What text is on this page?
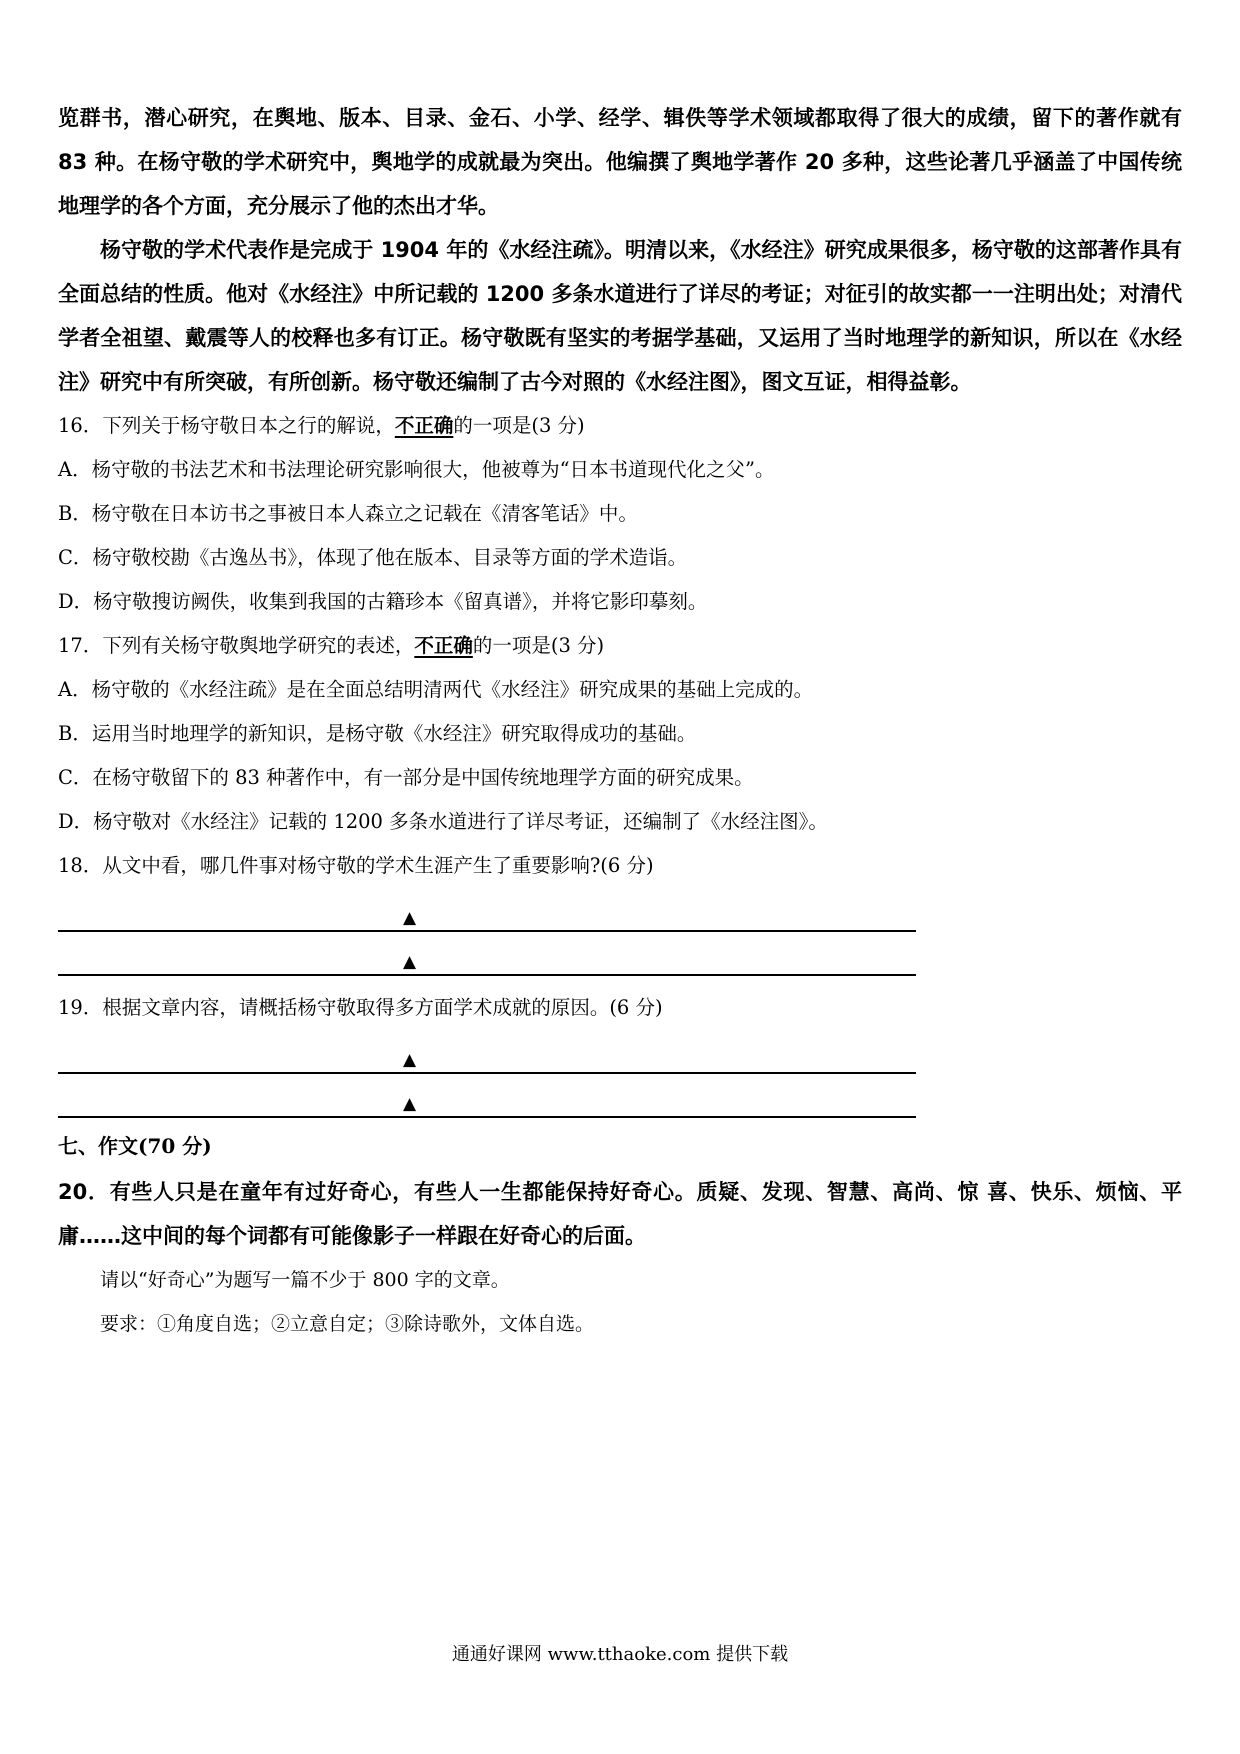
览群书，潜心研究，在舆地、版本、目录、金石、小学、经学、辑佚等学术领域都取得了很大的成绩，留下的著作就有 83 种。在杨守敬的学术研究中，舆地学的成就最为突出。他编撰了舆地学著作 20 多种，这些论著几乎涵盖了中国传统地理学的各个方面，充分展示了他的杰出才华。

杨守敬的学术代表作是完成于 1904 年的《水经注疏》。明清以来，《水经注》研究成果很多，杨守敬的这部著作具有全面总结的性质。他对《水经注》中所记载的 1200 多条水道进行了详尽的考证；对征引的故实都一一注明出处；对清代学者全祖望、戴震等人的校释也多有订正。杨守敬既有坚实的考据学基础，又运用了当时地理学的新知识，所以在《水经注》研究中有所突破，有所创新。杨守敬还编制了古今对照的《水经注图》，图文互证，相得益彰。

16．下列关于杨守敬日本之行的解说，不正确的一项是(3 分)

A．杨守敬的书法艺术和书法理论研究影响很大，他被尊为“日本书道现代化之父”。

B．杨守敬在日本访书之事被日本人森立之记载在《清客笔话》中。

C．杨守敬校勘《古逸丛书》，体现了他在版本、目录等方面的学术造诣。

D．杨守敬搜访阙佚，收集到我国的古籍珍本《留真谱》，并将它影印摹刻。

17．下列有关杨守敬舆地学研究的表述，不正确的一项是(3 分)

A．杨守敬的《水经注疏》是在全面总结明清两代《水经注》研究成果的基础上完成的。

B．运用当时地理学的新知识，是杨守敬《水经注》研究取得成功的基础。

C．在杨守敬留下的 83 种著作中，有一部分是中国传统地理学方面的研究成果。

D．杨守敬对《水经注》记载的 1200 多条水道进行了详尽考证，还编制了《水经注图》。

18．从文中看，哪几件事对杨守敬的学术生涯产生了重要影响?(6 分)

▲
▲

19．根据文章内容，请概括杨守敬取得多方面学术成就的原因。(6 分)

▲
▲

七、作文(70 分)

20．有些人只是在童年有过好奇心，有些人一生都能保持好奇心。质疑、发现、智慧、高尚、惊 喜、快乐、烦恼、平庸……这中间的每个词都有可能像影子一样跟在好奇心的后面。

请以“好奇心”为题写一篇不少于 800 字的文章。

要求：①角度自选；②立意自定；③除诗歌外，文体自选。

通通好课网 www.tthaoke.com 提供下载
